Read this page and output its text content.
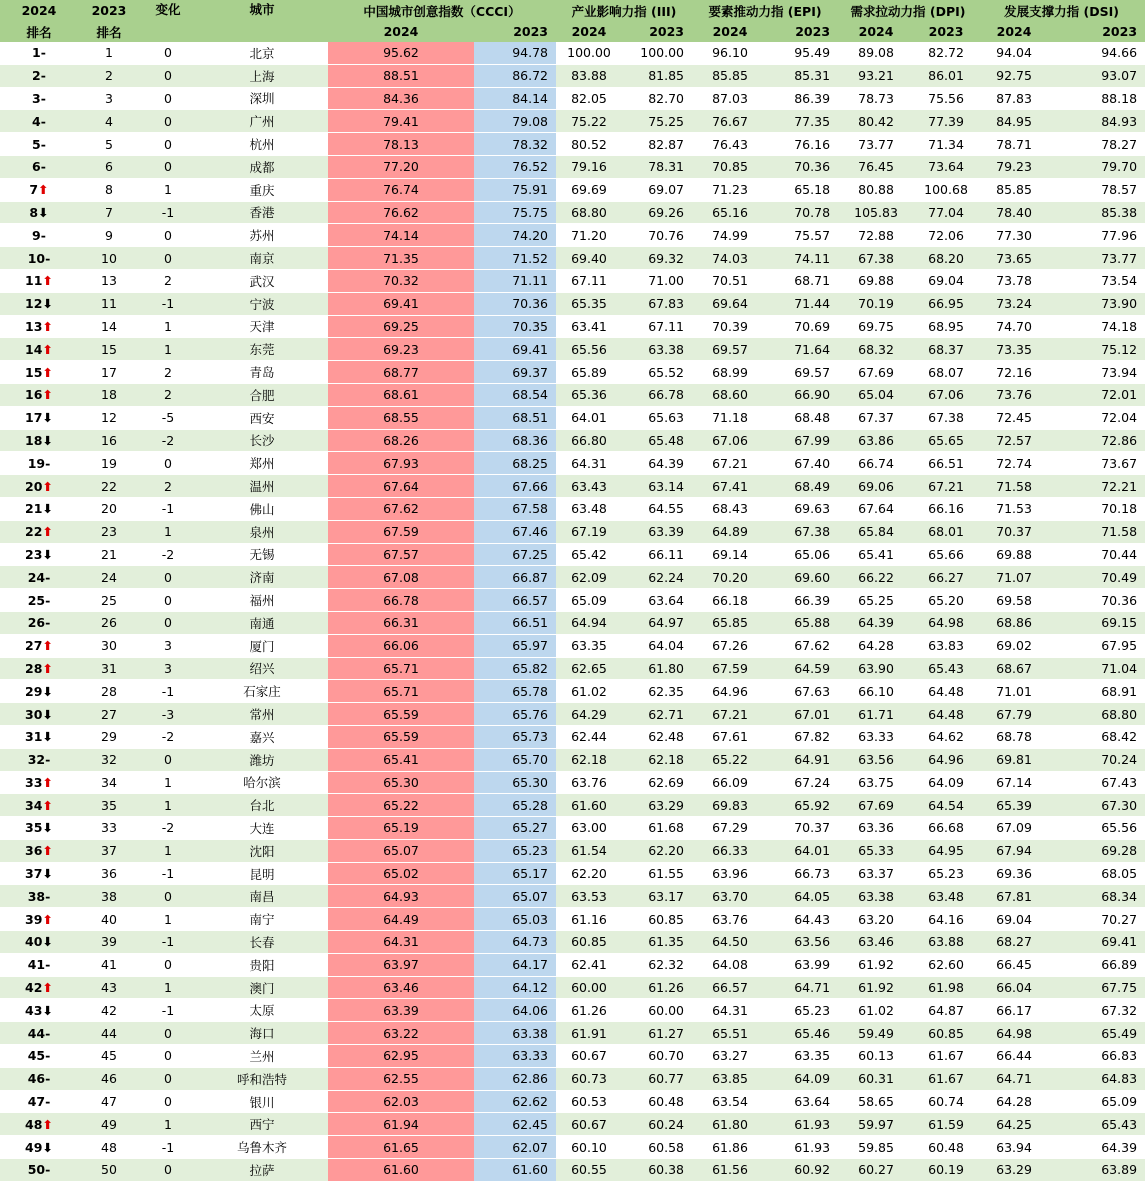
2024	2023	变化	城市	中国城市创意指数（CCCI）		产业影响力指 (III)		要素推动力指 (EPI)		需求拉动力指 (DPI)		发展支撑力指 (DSI)	
排名	排名			2024	2023	2024	2023	2024	2023	2024	2023	2024	2023
1-	1	0	北京	95.62	94.78	100.00	100.00	96.10	95.49	89.08	82.72	94.04	94.66
2-	2	0	上海	88.51	86.72	83.88	81.85	85.85	85.31	93.21	86.01	92.75	93.07
3-	3	0	深圳	84.36	84.14	82.05	82.70	87.03	86.39	78.73	75.56	87.83	88.18
4-	4	0	广州	79.41	79.08	75.22	75.25	76.67	77.35	80.42	77.39	84.95	84.93
5-	5	0	杭州	78.13	78.32	80.52	82.87	76.43	76.16	73.77	71.34	78.71	78.27
6-	6	0	成都	77.20	76.52	79.16	78.31	70.85	70.36	76.45	73.64	79.23	79.70
7⬆	8	1	重庆	76.74	75.91	69.69	69.07	71.23	65.18	80.88	100.68	85.85	78.57
8⬇	7	-1	香港	76.62	75.75	68.80	69.26	65.16	70.78	105.83	77.04	78.40	85.38
9-	9	0	苏州	74.14	74.20	71.20	70.76	74.99	75.57	72.88	72.06	77.30	77.96
10-	10	0	南京	71.35	71.52	69.40	69.32	74.03	74.11	67.38	68.20	73.65	73.77
11⬆	13	2	武汉	70.32	71.11	67.11	71.00	70.51	68.71	69.88	69.04	73.78	73.54
12⬇	11	-1	宁波	69.41	70.36	65.35	67.83	69.64	71.44	70.19	66.95	73.24	73.90
13⬆	14	1	天津	69.25	70.35	63.41	67.11	70.39	70.69	69.75	68.95	74.70	74.18
14⬆	15	1	东莞	69.23	69.41	65.56	63.38	69.57	71.64	68.32	68.37	73.35	75.12
15⬆	17	2	青岛	68.77	69.37	65.89	65.52	68.99	69.57	67.69	68.07	72.16	73.94
16⬆	18	2	合肥	68.61	68.54	65.36	66.78	68.60	66.90	65.04	67.06	73.76	72.01
17⬇	12	-5	西安	68.55	68.51	64.01	65.63	71.18	68.48	67.37	67.38	72.45	72.04
18⬇	16	-2	长沙	68.26	68.36	66.80	65.48	67.06	67.99	63.86	65.65	72.57	72.86
19-	19	0	郑州	67.93	68.25	64.31	64.39	67.21	67.40	66.74	66.51	72.74	73.67
20⬆	22	2	温州	67.64	67.66	63.43	63.14	67.41	68.49	69.06	67.21	71.58	72.21
21⬇	20	-1	佛山	67.62	67.58	63.48	64.55	68.43	69.63	67.64	66.16	71.53	70.18
22⬆	23	1	泉州	67.59	67.46	67.19	63.39	64.89	67.38	65.84	68.01	70.37	71.58
23⬇	21	-2	无锡	67.57	67.25	65.42	66.11	69.14	65.06	65.41	65.66	69.88	70.44
24-	24	0	济南	67.08	66.87	62.09	62.24	70.20	69.60	66.22	66.27	71.07	70.49
25-	25	0	福州	66.78	66.57	65.09	63.64	66.18	66.39	65.25	65.20	69.58	70.36
26-	26	0	南通	66.31	66.51	64.94	64.97	65.85	65.88	64.39	64.98	68.86	69.15
27⬆	30	3	厦门	66.06	65.97	63.35	64.04	67.26	67.62	64.28	63.83	69.02	67.95
28⬆	31	3	绍兴	65.71	65.82	62.65	61.80	67.59	64.59	63.90	65.43	68.67	71.04
29⬇	28	-1	石家庄	65.71	65.78	61.02	62.35	64.96	67.63	66.10	64.48	71.01	68.91
30⬇	27	-3	常州	65.59	65.76	64.29	62.71	67.21	67.01	61.71	64.48	67.79	68.80
31⬇	29	-2	嘉兴	65.59	65.73	62.44	62.48	67.61	67.82	63.33	64.62	68.78	68.42
32-	32	0	潍坊	65.41	65.70	62.18	62.18	65.22	64.91	63.56	64.96	69.81	70.24
33⬆	34	1	哈尔滨	65.30	65.30	63.76	62.69	66.09	67.24	63.75	64.09	67.14	67.43
34⬆	35	1	台北	65.22	65.28	61.60	63.29	69.83	65.92	67.69	64.54	65.39	67.30
35⬇	33	-2	大连	65.19	65.27	63.00	61.68	67.29	70.37	63.36	66.68	67.09	65.56
36⬆	37	1	沈阳	65.07	65.23	61.54	62.20	66.33	64.01	65.33	64.95	67.94	69.28
37⬇	36	-1	昆明	65.02	65.17	62.20	61.55	63.96	66.73	63.37	65.23	69.36	68.05
38-	38	0	南昌	64.93	65.07	63.53	63.17	63.70	64.05	63.38	63.48	67.81	68.34
39⬆	40	1	南宁	64.49	65.03	61.16	60.85	63.76	64.43	63.20	64.16	69.04	70.27
40⬇	39	-1	长春	64.31	64.73	60.85	61.35	64.50	63.56	63.46	63.88	68.27	69.41
41-	41	0	贵阳	63.97	64.17	62.41	62.32	64.08	63.99	61.92	62.60	66.45	66.89
42⬆	43	1	澳门	63.46	64.12	60.00	61.26	66.57	64.71	61.92	61.98	66.04	67.75
43⬇	42	-1	太原	63.39	64.06	61.26	60.00	64.31	65.23	61.02	64.87	66.17	67.32
44-	44	0	海口	63.22	63.38	61.91	61.27	65.51	65.46	59.49	60.85	64.98	65.49
45-	45	0	兰州	62.95	63.33	60.67	60.70	63.27	63.35	60.13	61.67	66.44	66.83
46-	46	0	呼和浩特	62.55	62.86	60.73	60.77	63.85	64.09	60.31	61.67	64.71	64.83
47-	47	0	银川	62.03	62.62	60.53	60.48	63.54	63.64	58.65	60.74	64.28	65.09
48⬆	49	1	西宁	61.94	62.45	60.67	60.24	61.80	61.93	59.97	61.59	64.25	65.43
49⬇	48	-1	乌鲁木齐	61.65	62.07	60.10	60.58	61.86	61.93	59.85	60.48	63.94	64.39
50-	50	0	拉萨	61.60	61.60	60.55	60.38	61.56	60.92	60.27	60.19	63.29	63.89
